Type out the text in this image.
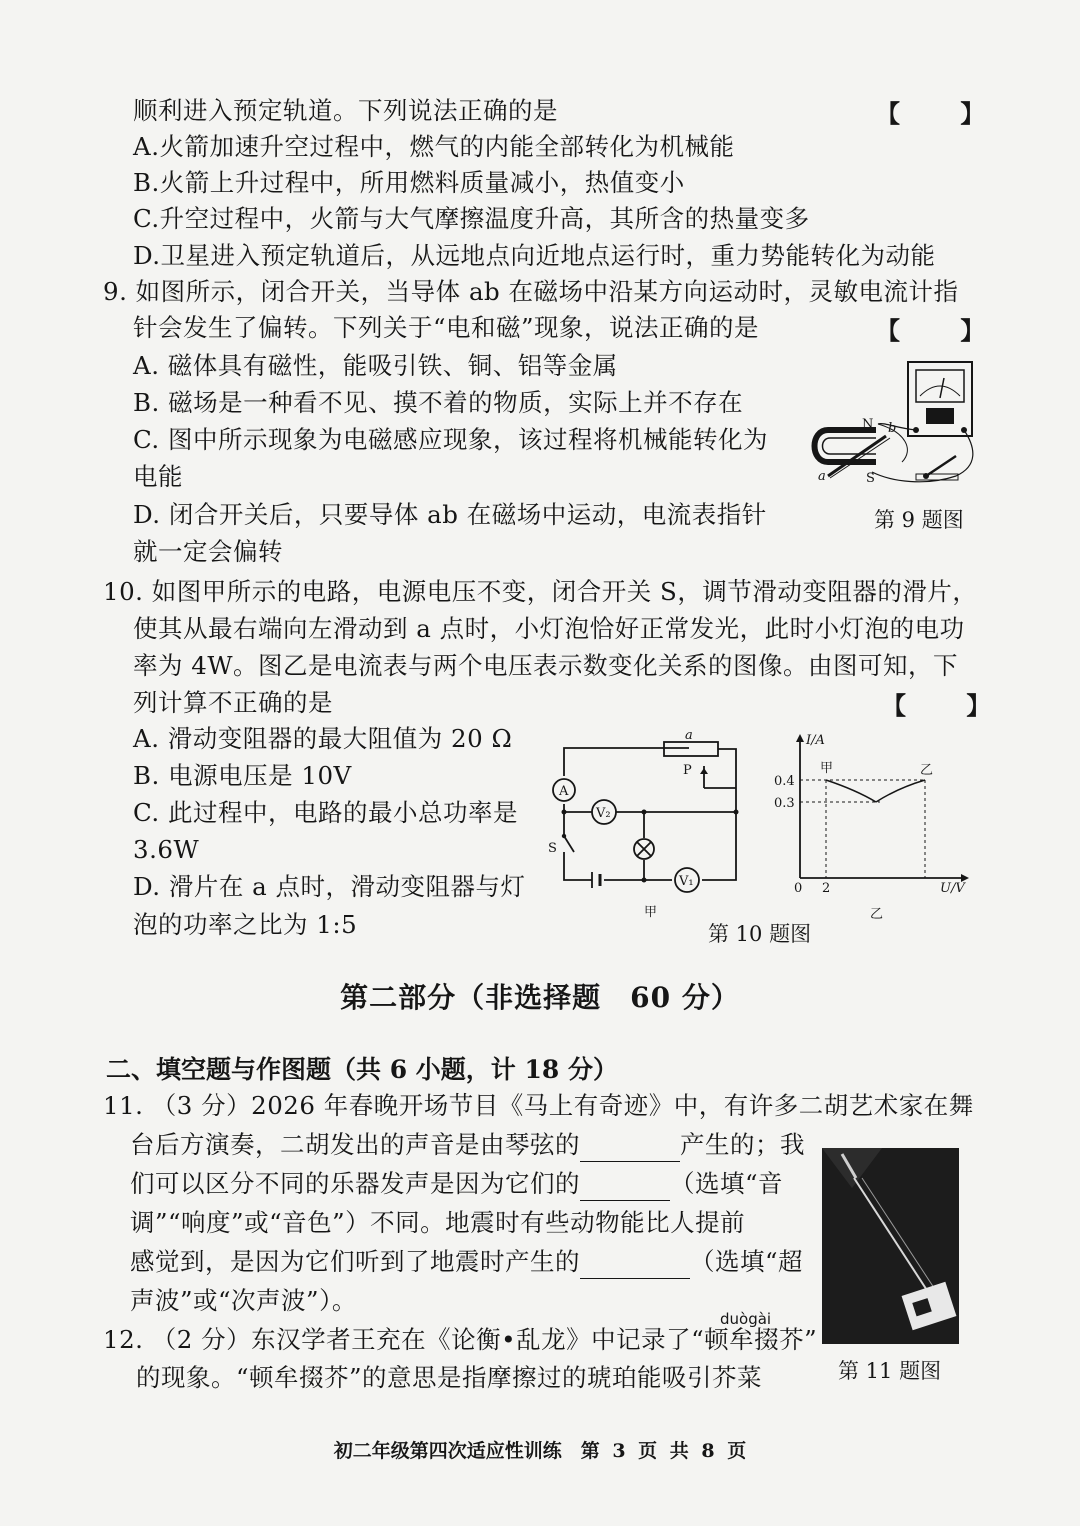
顺利进入预定轨道。下列说法正确的是	【 】
A.火箭加速升空过程中，燃气的内能全部转化为机械能
B.火箭上升过程中，所用燃料质量减小，热值变小
C.升空过程中，火箭与大气摩擦温度升高，其所含的热量变多
D.卫星进入预定轨道后，从远地点向近地点运行时，重力势能转化为动能
9. 如图所示，闭合开关，当导体 ab 在磁场中沿某方向运动时，灵敏电流计指
针会发生了偏转。下列关于“电和磁”现象，说法正确的是	【 】
A. 磁体具有磁性，能吸引铁、铜、铝等金属
B. 磁场是一种看不见、摸不着的物质，实际上并不存在
C. 图中所示现象为电磁感应现象，该过程将机械能转化为
电能
D. 闭合开关后，只要导体 ab 在磁场中运动，电流表指针
就一定会偏转
第 9 题图
N
S
a
b
10. 如图甲所示的电路，电源电压不变，闭合开关 S，调节滑动变阻器的滑片，
使其从最右端向左滑动到 a 点时，小灯泡恰好正常发光，此时小灯泡的电功
率为 4W。图乙是电流表与两个电压表示数变化关系的图像。由图可知，下
列计算不正确的是	【 】
A. 滑动变阻器的最大阻值为 20 Ω
B. 电源电压是 10V
C. 此过程中，电路的最小总功率是
3.6W
D. 滑片在 a 点时，滑动变阻器与灯
泡的功率之比为 1:5	第 10 题图
a
P
A
V₂
V₁
S
甲
I/A
U/V
0.4
0.3
0 2
甲	乙
乙
第二部分（非选择题　60 分）
二、填空题与作图题（共 6 小题，计 18 分）
11. （3 分）2026 年春晚开场节目《马上有奇迹》中，有许多二胡艺术家在舞
台后方演奏，二胡发出的声音是由琴弦的	产生的；我
们可以区分不同的乐器发声是因为它们的	（选填“音
调”“响度”或“音色”）不同。地震时有些动物能比人提前
感觉到，是因为它们听到了地震时产生的	（选填“超
声波”或“次声波”）。
第 11 题图
duògài
12. （2 分）东汉学者王充在《论衡•乱龙》中记录了“顿牟掇芥”
的现象。“顿牟掇芥”的意思是指摩擦过的琥珀能吸引芥菜
初二年级第四次适应性训练　第 3 页 共 8 页
